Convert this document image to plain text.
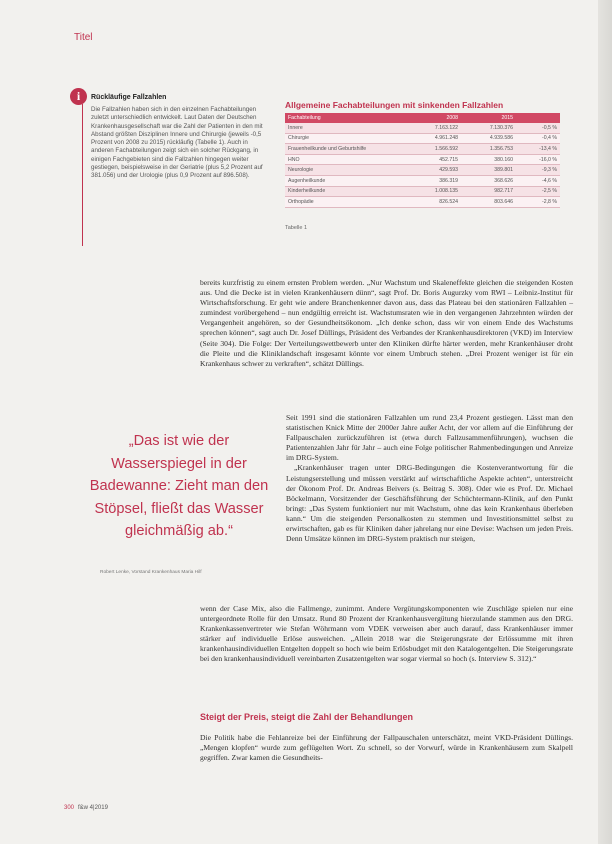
Titel
i	Rückläufige Fallzahlen
Die Fallzahlen haben sich in den einzelnen Fachabteilungen zuletzt unterschiedlich entwickelt. Laut Daten der Deutschen Krankenhausgesellschaft war die Zahl der Patienten in den mit Abstand größten Disziplinen Innere und Chirurgie (jeweils -0,5 Prozent von 2008 zu 2015) rückläufig (Tabelle 1). Auch in anderen Fachabteilungen zeigt sich ein solcher Rückgang, in einigen Fachgebieten sind die Fallzahlen hingegen weiter gestiegen, beispielsweise in der Geriatrie (plus 5,2 Prozent auf 381.056) und der Urologie (plus 0,9 Prozent auf 896.508).
Allgemeine Fachabteilungen mit sinkenden Fallzahlen
Fachabteilung	2008	2015	
Innere	7.163.122	7.130.376	-0,5 %
Chirurgie	4.961.248	4.939.586	-0,4 %
Frauenheilkunde und Geburtshilfe	1.566.592	1.356.753	-13,4 %
HNO	452.715	380.160	-16,0 %
Neurologie	429.593	389.801	-9,3 %
Augenheilkunde	386.319	368.626	-4,6 %
Kinderheilkunde	1.008.135	982.717	-2,5 %
Orthopädie	826.524	803.646	-2,8 %
Tabelle 1

bereits kurzfristig zu einem ernsten Problem werden. „Nur Wachstum und Skaleneffekte gleichen die steigenden Kosten aus. Und die Decke ist in vielen Krankenhäusern dünn“, sagt Prof. Dr. Boris Augurzky vom RWI – Leibniz-Institut für Wirtschaftsforschung. Er geht wie andere Branchenkenner davon aus, dass das Plateau bei den stationären Fallzahlen – zumindest vorübergehend – nun endgültig erreicht ist. Wachstumsraten wie in den vergangenen Jahrzehnten würden der Vergangenheit angehören, so der Gesundheitsökonom. „Ich denke schon, dass wir von einem Ende des Wachstums sprechen können“, sagt auch Dr. Josef Düllings, Präsident des Verbandes der Krankenhausdirektoren (VKD) im Interview (Seite 304). Die Folge: Der Verteilungswettbewerb unter den Kliniken dürfte härter werden, mehr Krankenhäuser droht die Pleite und die Kliniklandschaft insgesamt könnte vor einem Umbruch stehen. „Drei Prozent weniger ist für ein Krankenhaus schwer zu verkraften“, schätzt Düllings.

„Das ist wie der Wasserspiegel in der Badewanne: Zieht man den Stöpsel, fließt das Wasser gleichmäßig ab.“
Robert Lenke, Vorstand Krankenhaus Maria Hilf

Seit 1991 sind die stationären Fallzahlen um rund 23,4 Prozent gestiegen. Lässt man den statistischen Knick Mitte der 2000er Jahre außer Acht, der vor allem auf die Einführung der Fallpauschalen zurückzuführen ist (etwa durch Fallzusammenführungen), wuchsen die Patientenzahlen Jahr für Jahr – auch eine Folge politischer Rahmenbedingungen und Anreize im DRG-System.

„Krankenhäuser tragen unter DRG-Bedingungen die Kostenverantwortung für die Leistungserstellung und müssen verstärkt auf wirtschaftliche Aspekte achten“, unterstreicht der Ökonom Prof. Dr. Andreas Beivers (s. Beitrag S. 308). Oder wie es Prof. Dr. Michael Böckelmann, Vorsitzender der Geschäftsführung der Schüchtermann-Klinik, auf den Punkt bringt: „Das System funktioniert nur mit Wachstum, ohne das kein Krankenhaus überleben kann.“ Um die steigenden Personalkosten zu stemmen und Investitionsmittel selbst zu erwirtschaften, gab es für Kliniken daher jahrelang nur eine Devise: Wachsen um jeden Preis. Denn Umsätze können im DRG-System praktisch nur steigen,

wenn der Case Mix, also die Fallmenge, zunimmt. Andere Vergütungskomponenten wie Zuschläge spielen nur eine untergeordnete Rolle für den Umsatz. Rund 80 Prozent der Krankenhausvergütung hierzulande stammen aus den DRG. Krankenkassenvertreter wie Stefan Wöhrmann vom VDEK verweisen aber auch darauf, dass Krankenhäuser immer stärker auf individuelle Erlöse ausweichen. „Allein 2018 war die Steigerungsrate der Erlössumme mit ihren krankenhausindividuellen Entgelten doppelt so hoch wie beim Erlösbudget mit den Katalogentgelten. Die Steigerungsrate bei den krankenhausindividuell vereinbarten Zusatzentgelten war sogar viermal so hoch (s. Interview S. 312).“

Steigt der Preis, steigt die Zahl der Behandlungen

Die Politik habe die Fehlanreize bei der Einführung der Fallpauschalen unterschätzt, meint VKD-Präsident Düllings. „Mengen klopfen“ wurde zum geflügelten Wort. Zu schnell, so der Vorwurf, würde in Krankenhäusern zum Skalpell gegriffen. Zwar kamen die Gesundheits-

300 f&w 4|2019
